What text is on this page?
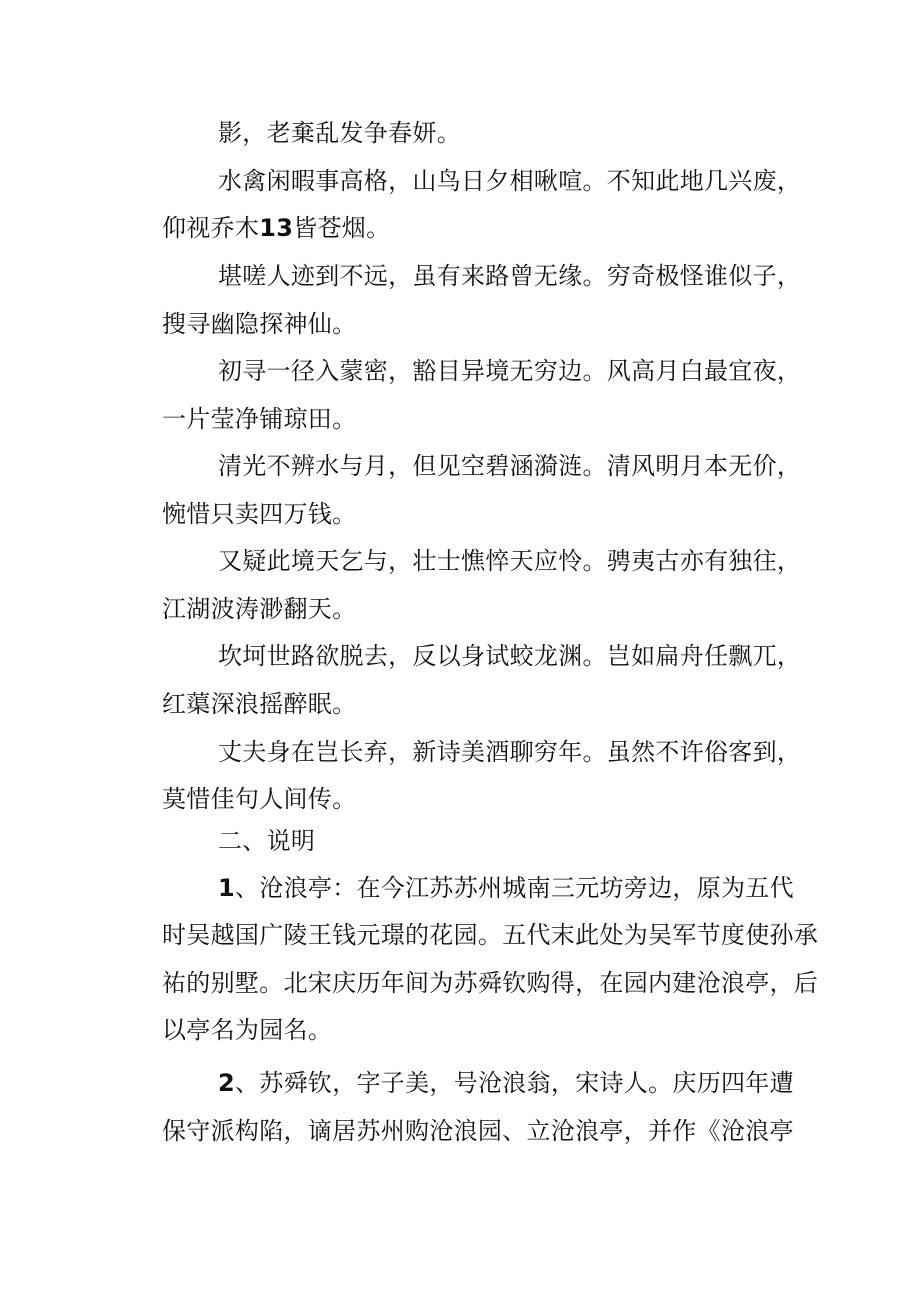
影，老棄乱发争春妍。
水禽闲暇事高格，山鸟日夕相啾喧。不知此地几兴废，
仰视乔木13皆苍烟。
堪嗟人迹到不远，虽有来路曾无缘。穷奇极怪谁似子，
搜寻幽隐探神仙。
初寻一径入蒙密，豁目异境无穷边。风高月白最宜夜，
一片莹净铺琼田。
清光不辨水与月，但见空碧涵漪涟。清风明月本无价，
惋惜只卖四万钱。
又疑此境天乞与，壮士憔悴天应怜。骋夷古亦有独往，
江湖波涛渺翻天。
坎坷世路欲脱去，反以身试蛟龙渊。岂如扁舟任飘兀，
红蕖深浪摇醉眠。
丈夫身在岂长弃，新诗美酒聊穷年。虽然不许俗客到，
莫惜佳句人间传。
二、说明
1、沧浪亭：在今江苏苏州城南三元坊旁边，原为五代
时吴越国广陵王钱元璟的花园。五代末此处为吴军节度使孙承
祐的别墅。北宋庆历年间为苏舜钦购得，在园内建沧浪亭，后
以亭名为园名。
2、苏舜钦，字子美，号沧浪翁，宋诗人。庆历四年遭
保守派构陷，谪居苏州购沧浪园、立沧浪亭，并作《沧浪亭
